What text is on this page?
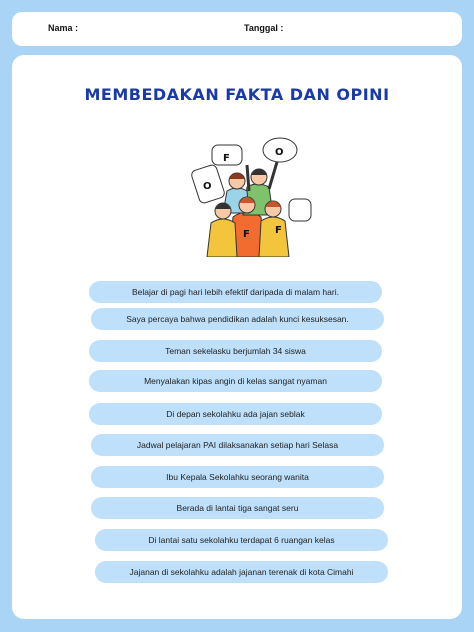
Nama :	Tanggal :
MEMBEDAKAN FAKTA DAN OPINI
O
F
O
F	F
Belajar di pagi hari lebih efektif daripada di malam hari.
Saya percaya bahwa pendidikan adalah kunci kesuksesan.
Teman sekelasku berjumlah 34 siswa
Menyalakan kipas angin di kelas sangat nyaman
Di depan sekolahku ada jajan seblak
Jadwal pelajaran PAI dilaksanakan setiap hari Selasa
Ibu Kepala Sekolahku seorang wanita
Berada di lantai tiga sangat seru
Di lantai satu sekolahku terdapat 6 ruangan kelas
Jajanan di sekolahku adalah jajanan terenak di kota Cimahi
